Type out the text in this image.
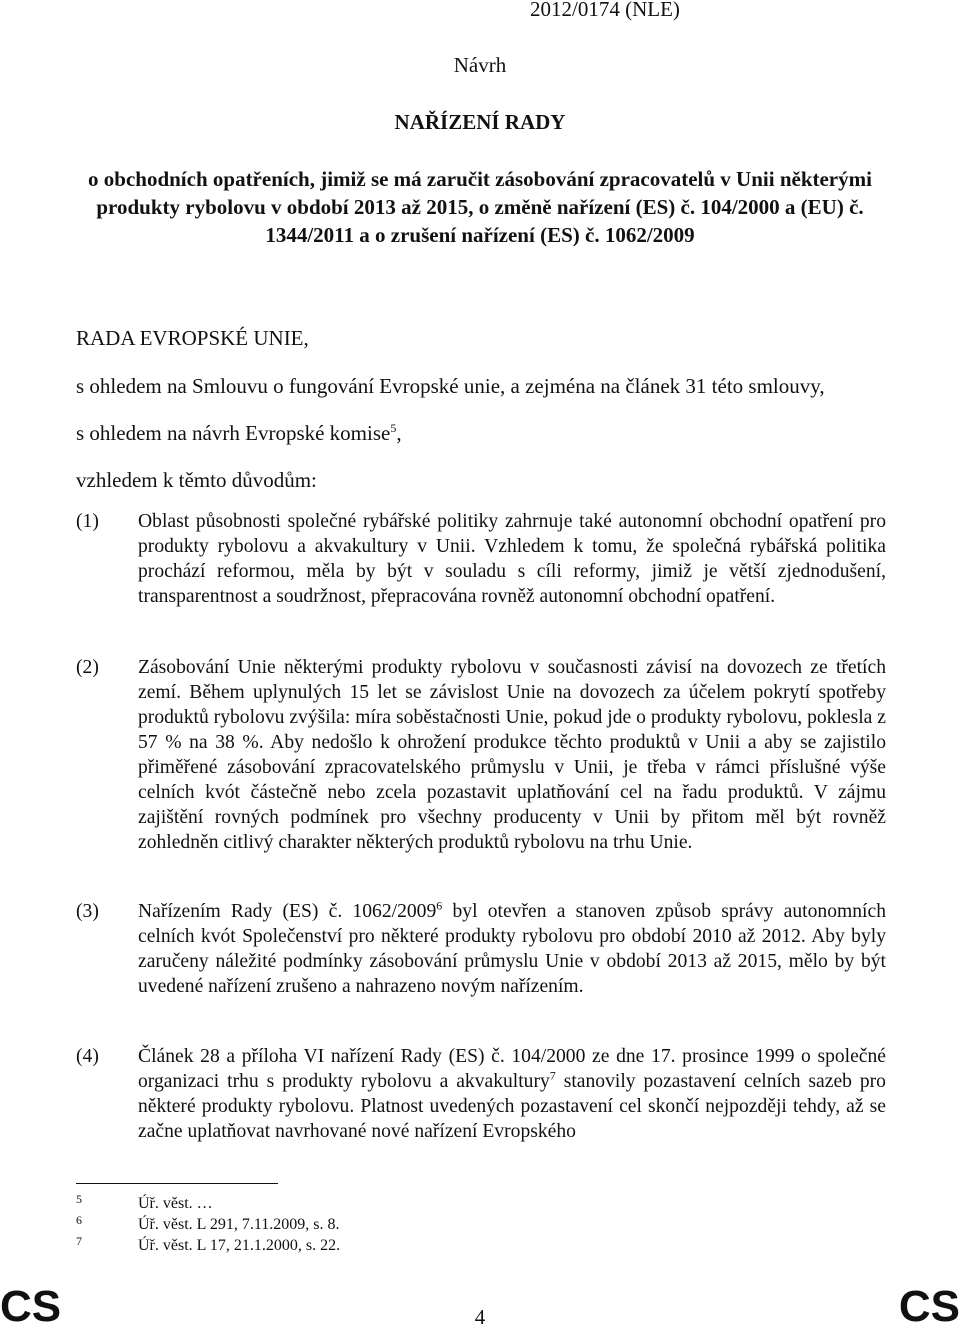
2012/0174 (NLE)
Návrh
NAŘÍZENÍ RADY
o obchodních opatřeních, jimiž se má zaručit zásobování zpracovatelů v Unii některými
produkty rybolovu v období 2013 až 2015, o změně nařízení (ES) č. 104/2000 a (EU) č.
1344/2011 a o zrušení nařízení (ES) č. 1062/2009
RADA EVROPSKÉ UNIE,
s ohledem na Smlouvu o fungování Evropské unie, a zejména na článek 31 této smlouvy,
s ohledem na návrh Evropské komise$^5$,
vzhledem k těmto důvodům:
(1)	Oblast působnosti společné rybářské politiky zahrnuje také autonomní obchodní opatření pro produkty rybolovu a akvakultury v Unii. Vzhledem k tomu, že společná rybářská politika prochází reformou, měla by být v souladu s cíli reformy, jimiž je větší zjednodušení, transparentnost a soudržnost, přepracována rovněž autonomní obchodní opatření.
(2)	Zásobování Unie některými produkty rybolovu v současnosti závisí na dovozech ze třetích zemí. Během uplynulých 15 let se závislost Unie na dovozech za účelem pokrytí spotřeby produktů rybolovu zvýšila: míra soběstačnosti Unie, pokud jde o produkty rybolovu, poklesla z 57 % na 38 %. Aby nedošlo k ohrožení produkce těchto produktů v Unii a aby se zajistilo přiměřené zásobování zpracovatelského průmyslu v Unii, je třeba v rámci příslušné výše celních kvót částečně nebo zcela pozastavit uplatňování cel na řadu produktů. V zájmu zajištění rovných podmínek pro všechny producenty v Unii by přitom měl být rovněž zohledněn citlivý charakter některých produktů rybolovu na trhu Unie.
(3)	Nařízením Rady (ES) č. 1062/2009$^6$ byl otevřen a stanoven způsob správy autonomních celních kvót Společenství pro některé produkty rybolovu pro období 2010 až 2012. Aby byly zaručeny náležité podmínky zásobování průmyslu Unie v období 2013 až 2015, mělo by být uvedené nařízení zrušeno a nahrazeno novým nařízením.
(4)	Článek 28 a příloha VI nařízení Rady (ES) č. 104/2000 ze dne 17. prosince 1999 o společné organizaci trhu s produkty rybolovu a akvakultury$^7$ stanovily pozastavení celních sazeb pro některé produkty rybolovu. Platnost uvedených pozastavení cel skončí nejpozději tehdy, až se začne uplatňovat navrhované nové nařízení Evropského
5	Úř. věst. …
6	Úř. věst. L 291, 7.11.2009, s. 8.
7	Úř. věst. L 17, 21.1.2000, s. 22.
CS	4	CS
